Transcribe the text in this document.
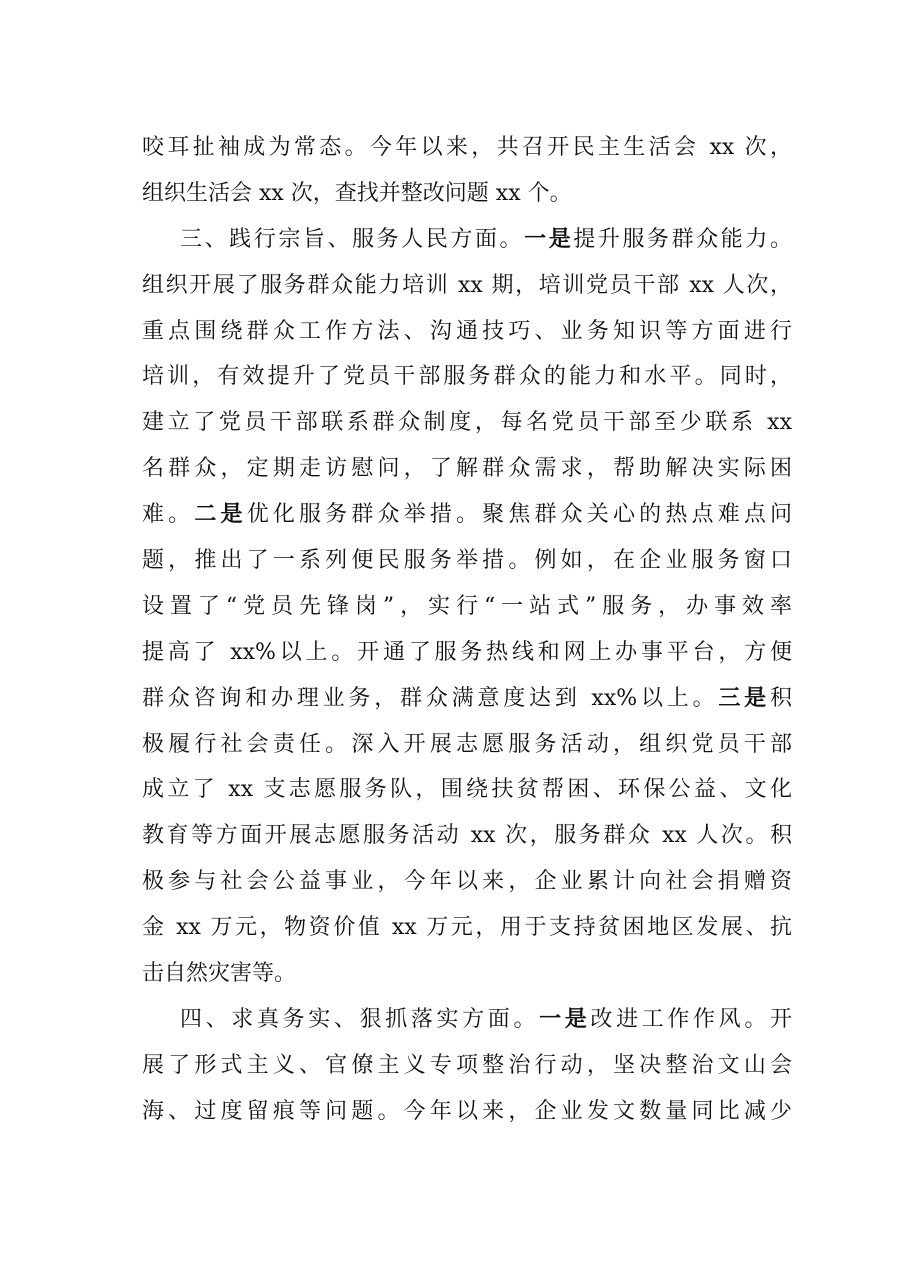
咬耳扯袖成为常态。今年以来，共召开民主生活会 xx 次，
组织生活会 xx 次，查找并整改问题 xx 个。
三、践行宗旨、服务人民方面。一是提升服务群众能力。
组织开展了服务群众能力培训 xx 期，培训党员干部 xx 人次，
重点围绕群众工作方法、沟通技巧、业务知识等方面进行
培训，有效提升了党员干部服务群众的能力和水平。同时，
建立了党员干部联系群众制度，每名党员干部至少联系 xx
名群众，定期走访慰问，了解群众需求，帮助解决实际困
难。二是优化服务群众举措。聚焦群众关心的热点难点问
题，推出了一系列便民服务举措。例如，在企业服务窗口
设置了“党员先锋岗”，实行“一站式”服务，办事效率
提高了 xx%以上。开通了服务热线和网上办事平台，方便
群众咨询和办理业务，群众满意度达到 xx%以上。三是积
极履行社会责任。深入开展志愿服务活动，组织党员干部
成立了 xx 支志愿服务队，围绕扶贫帮困、环保公益、文化
教育等方面开展志愿服务活动 xx 次，服务群众 xx 人次。积
极参与社会公益事业，今年以来，企业累计向社会捐赠资
金 xx 万元，物资价值 xx 万元，用于支持贫困地区发展、抗
击自然灾害等。
四、求真务实、狠抓落实方面。一是改进工作作风。开
展了形式主义、官僚主义专项整治行动，坚决整治文山会
海、过度留痕等问题。今年以来，企业发文数量同比减少
